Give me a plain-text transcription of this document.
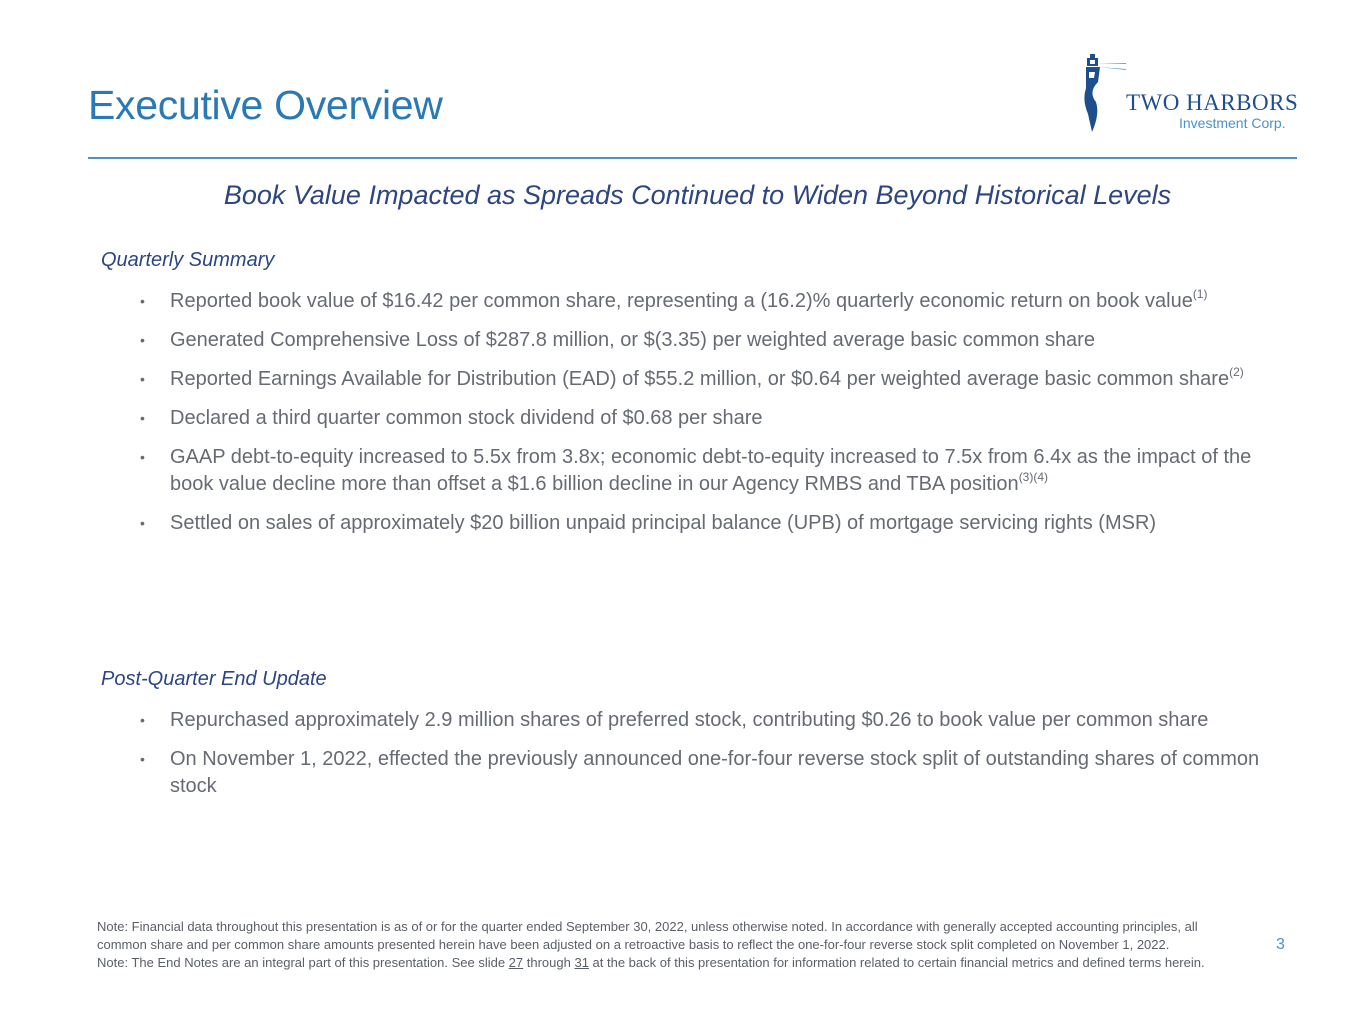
Executive Overview	TWO HARBORS
Investment Corp.
Book Value Impacted as Spreads Continued to Widen Beyond Historical Levels
Quarterly Summary
• Reported book value of $16.42 per common share, representing a (16.2)% quarterly economic return on book value$^{(1)}$
• Generated Comprehensive Loss of $287.8 million, or $(3.35) per weighted average basic common share
• Reported Earnings Available for Distribution (EAD) of $55.2 million, or $0.64 per weighted average basic common share$^{(2)}$
• Declared a third quarter common stock dividend of $0.68 per share
• GAAP debt-to-equity increased to 5.5x from 3.8x; economic debt-to-equity increased to 7.5x from 6.4x as the impact of the book value decline more than offset a $1.6 billion decline in our Agency RMBS and TBA position$^{(3)(4)}$
• Settled on sales of approximately $20 billion unpaid principal balance (UPB) of mortgage servicing rights (MSR)
Post-Quarter End Update
• Repurchased approximately 2.9 million shares of preferred stock, contributing $0.26 to book value per common share
• On November 1, 2022, effected the previously announced one-for-four reverse stock split of outstanding shares of common stock

Note: Financial data throughout this presentation is as of or for the quarter ended September 30, 2022, unless otherwise noted. In accordance with generally accepted accounting principles, all common share and per common share amounts presented herein have been adjusted on a retroactive basis to reflect the one-for-four reverse stock split completed on November 1, 2022.

Note: The End Notes are an integral part of this presentation. See slide 27 through 31 at the back of this presentation for information related to certain financial metrics and defined terms herein.

3
